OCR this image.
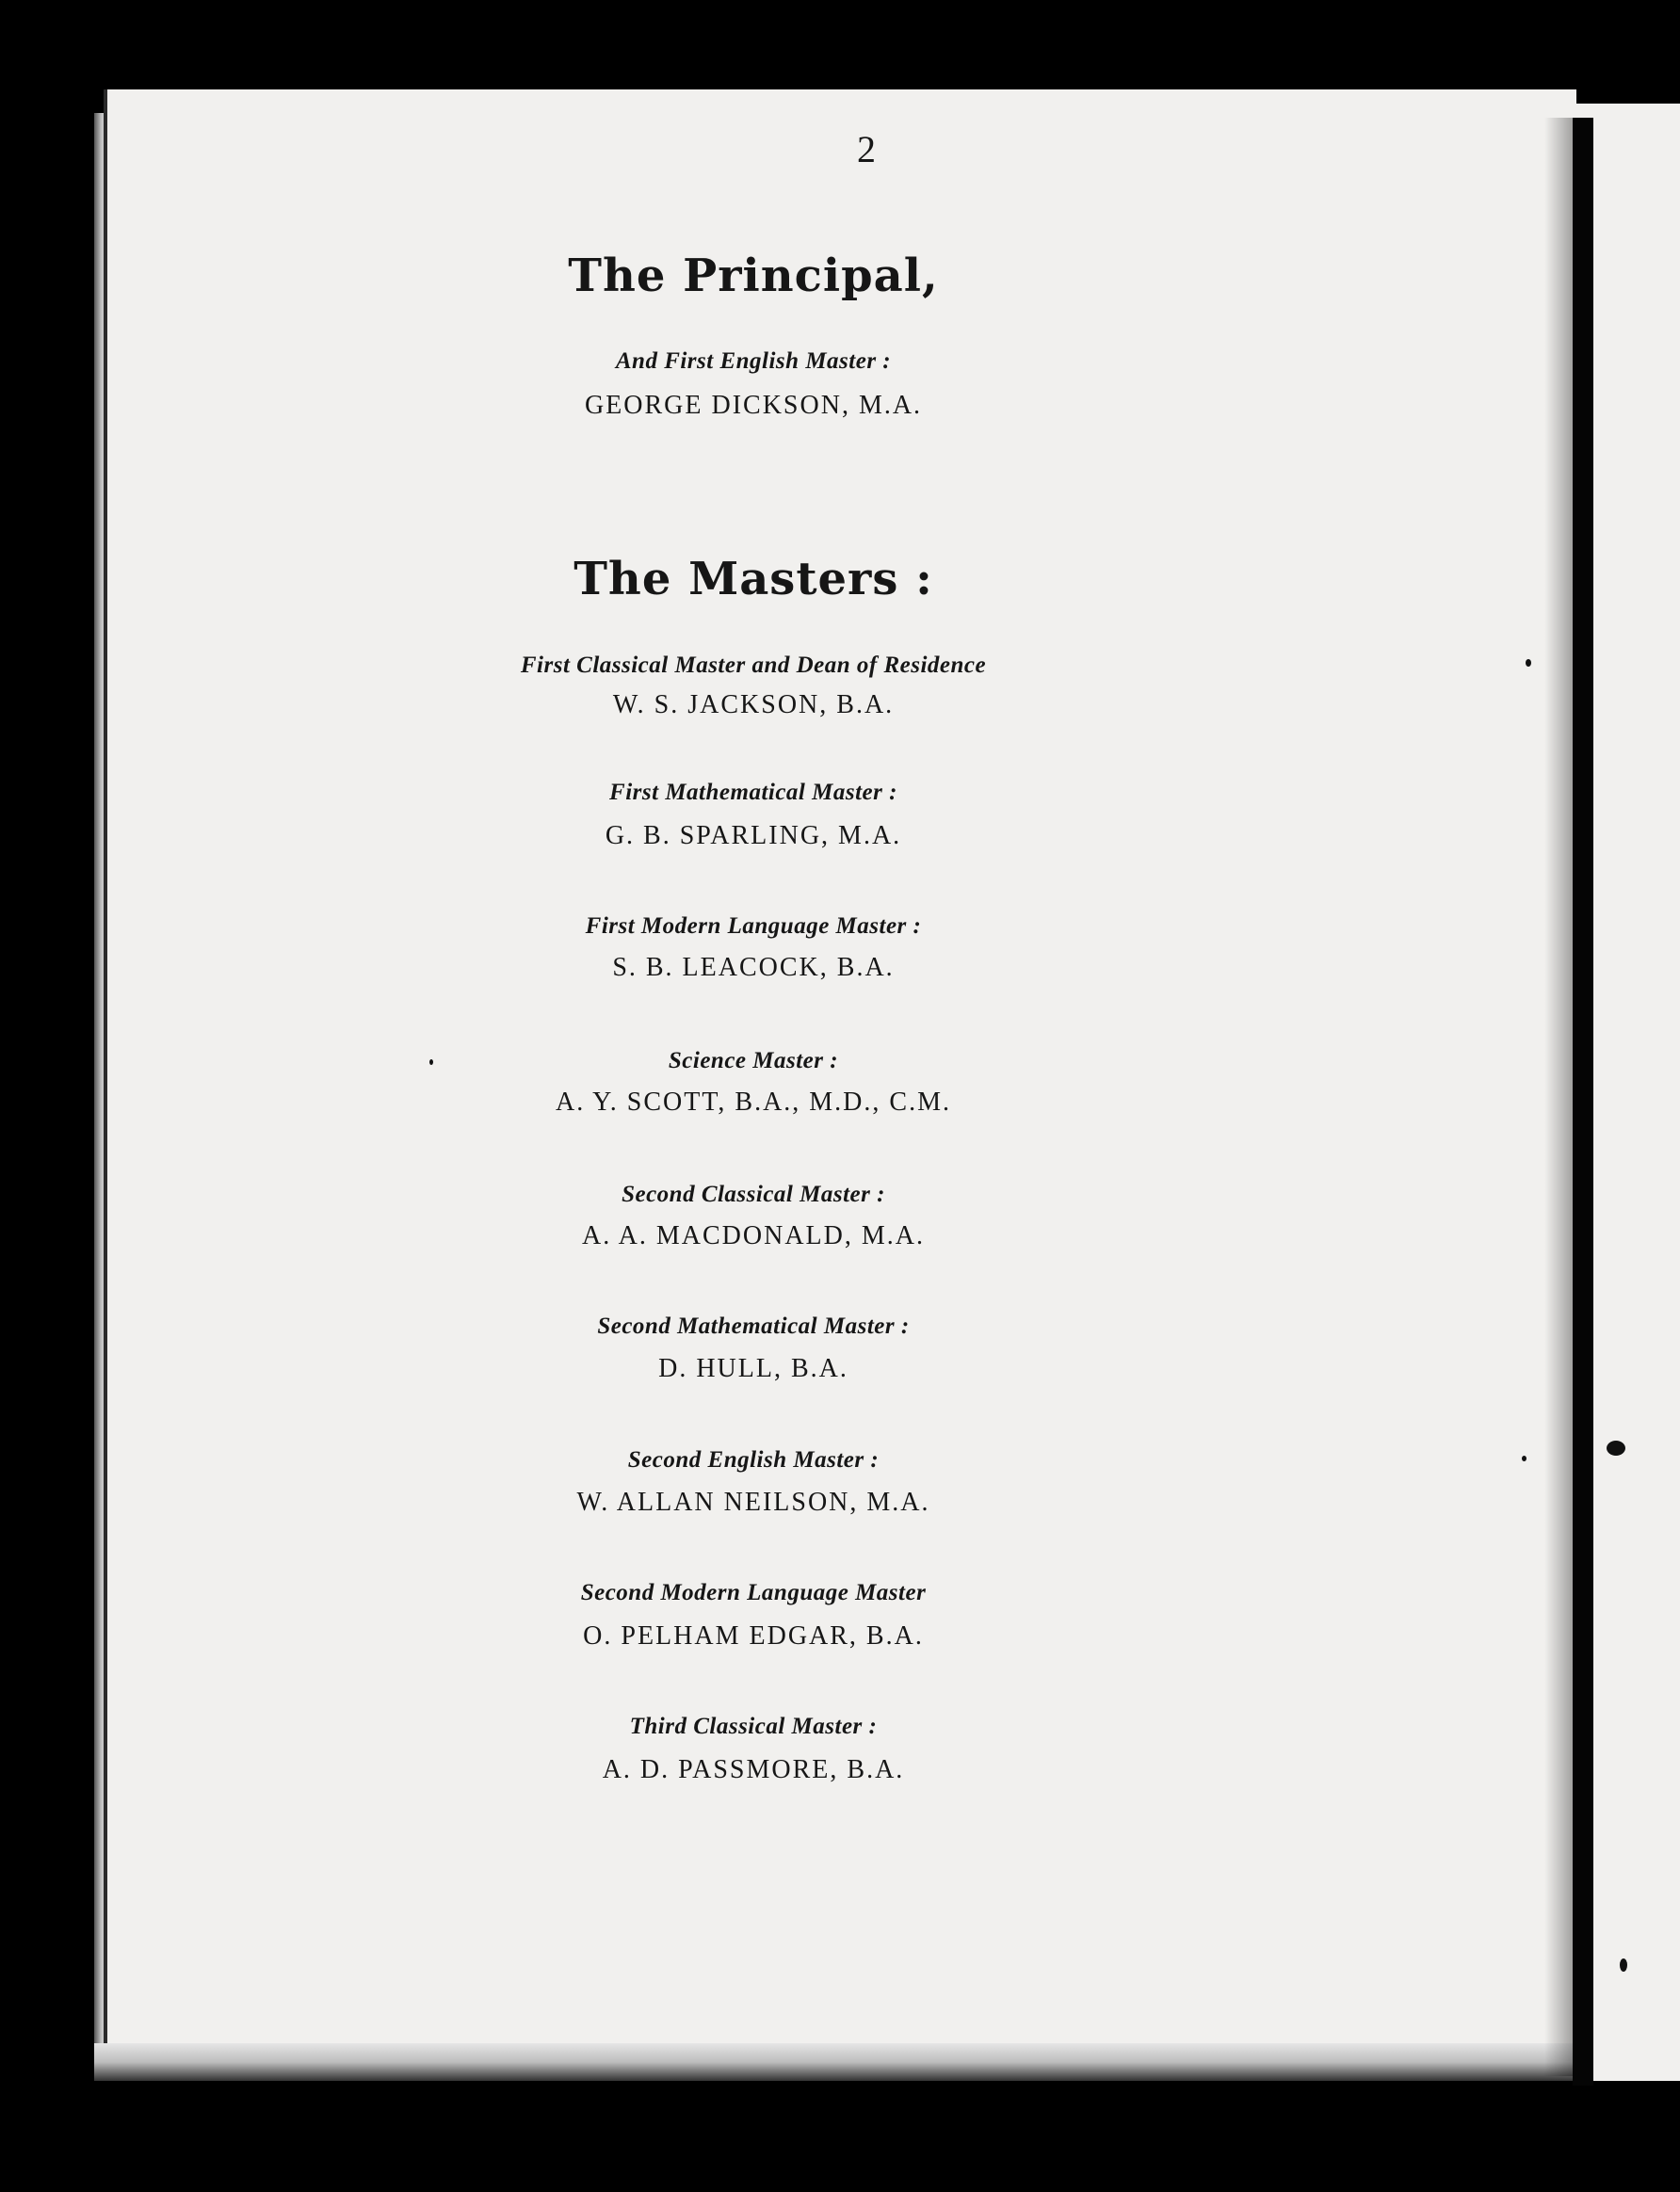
2
The Principal,
And First English Master :
GEORGE DICKSON, M.A.
The Masters :
First Classical Master and Dean of Residence
W. S. JACKSON, B.A.
First Mathematical Master :
G. B. SPARLING, M.A.
First Modern Language Master :
S. B. LEACOCK, B.A.
Science Master :
A. Y. SCOTT, B.A., M.D., C.M.
Second Classical Master :
A. A. MACDONALD, M.A.
Second Mathematical Master :
D. HULL, B.A.
Second English Master :
W. ALLAN NEILSON, M.A.
Second Modern Language Master
O. PELHAM EDGAR, B.A.
Third Classical Master :
A. D. PASSMORE, B.A.
